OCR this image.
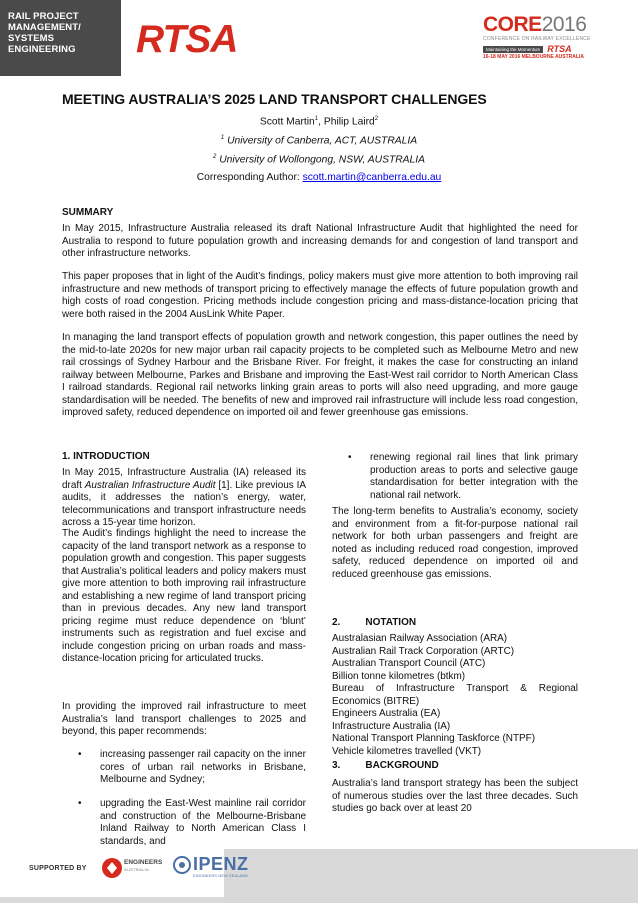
RAIL PROJECT
MANAGEMENT/
SYSTEMS
ENGINEERING	RTSA	CORE2016
CONFERENCE ON RAILWAY EXCELLENCE
Maintaining the Momentum RTSA
16-18 MAY 2016 MELBOURNE AUSTRALIA
MEETING AUSTRALIA’S 2025 LAND TRANSPORT CHALLENGES
Scott Martin$^1$, Philip Laird$^2$
$^1$ University of Canberra, ACT, AUSTRALIA
$^2$ University of Wollongong, NSW, AUSTRALIA
Corresponding Author: scott.martin@canberra.edu.au
SUMMARY
In May 2015, Infrastructure Australia released its draft National Infrastructure Audit that highlighted the need for Australia to respond to future population growth and increasing demands for and congestion of land transport and other infrastructure networks.
This paper proposes that in light of the Audit’s findings, policy makers must give more attention to both improving rail infrastructure and new methods of transport pricing to effectively manage the effects of future population growth and high costs of road congestion. Pricing methods include congestion pricing and mass-distance-location pricing that were both raised in the 2004 AusLink White Paper.
In managing the land transport effects of population growth and network congestion, this paper outlines the need by the mid-to-late 2020s for new major urban rail capacity projects to be completed such as Melbourne Metro and new rail crossings of Sydney Harbour and the Brisbane River. For freight, it makes the case for constructing an inland railway between Melbourne, Parkes and Brisbane and improving the East-West rail corridor to North American Class I railroad standards. Regional rail networks linking grain areas to ports will also need upgrading, and more gauge standardisation will be needed. The benefits of new and improved rail infrastructure will include less road congestion, improved safety, reduced dependence on imported oil and fewer greenhouse gas emissions.
1. INTRODUCTION
In May 2015, Infrastructure Australia (IA) released its draft Australian Infrastructure Audit [1]. Like previous IA audits, it addresses the nation’s energy, water, telecommunications and transport infrastructure needs across a 15-year time horizon.
The Audit’s findings highlight the need to increase the capacity of the land transport network as a response to population growth and congestion. This paper suggests that Australia’s political leaders and policy makers must give more attention to both improving rail infrastructure and establishing a new regime of land transport pricing than in previous decades. Any new land transport pricing regime must reduce dependence on ‘blunt’ instruments such as registration and fuel excise and include congestion pricing on urban roads and mass-distance-location pricing for articulated trucks.
In providing the improved rail infrastructure to meet Australia’s land transport challenges to 2025 and beyond, this paper recommends:
• increasing passenger rail capacity on the inner cores of urban rail networks in Brisbane, Melbourne and Sydney;
• upgrading the East-West mainline rail corridor and construction of the Melbourne-Brisbane Inland Railway to North American Class I standards, and
• renewing regional rail lines that link primary production areas to ports and selective gauge standardisation for better integration with the national rail network.
The long-term benefits to Australia’s economy, society and environment from a fit-for-purpose national rail network for both urban passengers and freight are noted as including reduced road congestion, improved safety, reduced dependence on imported oil and reduced greenhouse gas emissions.
2.         NOTATION
Australasian Railway Association (ARA)
Australian Rail Track Corporation (ARTC)
Australian Transport Council (ATC)
Billion tonne kilometres (btkm)
Bureau of Infrastructure Transport & Regional Economics (BITRE)
Engineers Australia (EA)
Infrastructure Australia (IA)
National Transport Planning Taskforce (NTPF)
Vehicle kilometres travelled (VKT)
3.         BACKGROUND
Australia’s land transport strategy has been the subject of numerous studies over the last three decades. Such studies go back over at least 20
SUPPORTED BY
ENGINEERS
AUSTRALIA IPENZ
ENGINEERS NEW ZEALAND
